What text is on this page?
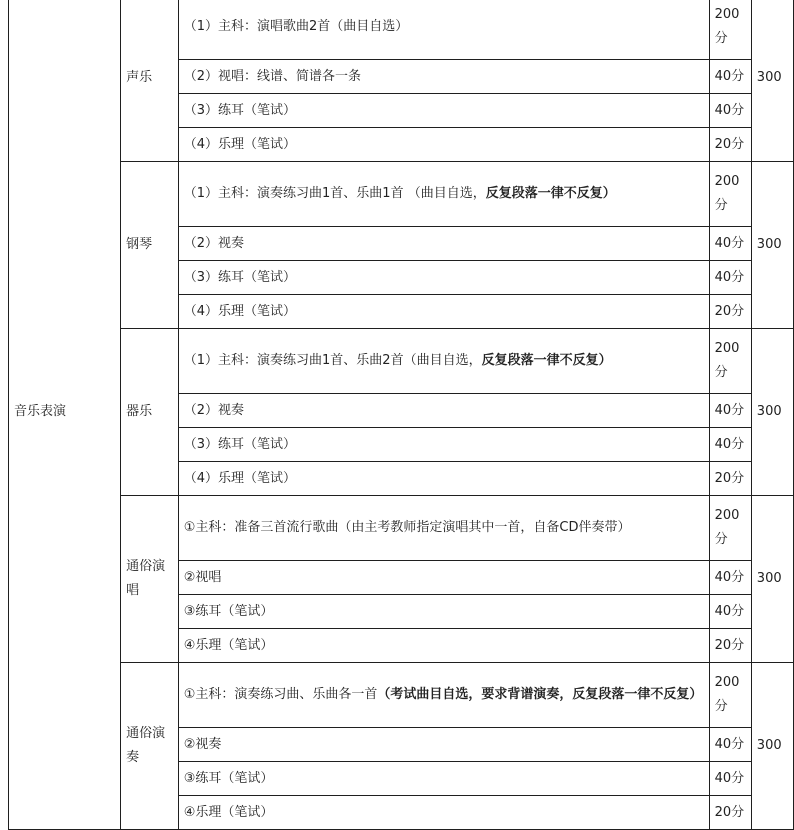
音乐表演	声乐	（1）主科：演唱歌曲2首（曲目自选）	200分	300
		（2）视唱：线谱、简谱各一条	40分	
		（3）练耳（笔试）	40分	
		（4）乐理（笔试）	20分	
	钢琴	（1）主科：演奏练习曲1首、乐曲1首 （曲目自选，反复段落一律不反复）	200分	300
		（2）视奏	40分	
		（3）练耳（笔试）	40分	
		（4）乐理（笔试）	20分	
	器乐	（1）主科：演奏练习曲1首、乐曲2首（曲目自选，反复段落一律不反复）	200分	300
		（2）视奏	40分	
		（3）练耳（笔试）	40分	
		（4）乐理（笔试）	20分	
	通俗演唱	①主科：准备三首流行歌曲（由主考教师指定演唱其中一首，自备CD伴奏带）	200分	300
		②视唱	40分	
		③练耳（笔试）	40分	
		④乐理（笔试）	20分	
	通俗演奏	①主科：演奏练习曲、乐曲各一首（考试曲目自选，要求背谱演奏，反复段落一律不反复）	200分	300
		②视奏	40分	
		③练耳（笔试）	40分	
		④乐理（笔试）	20分	
